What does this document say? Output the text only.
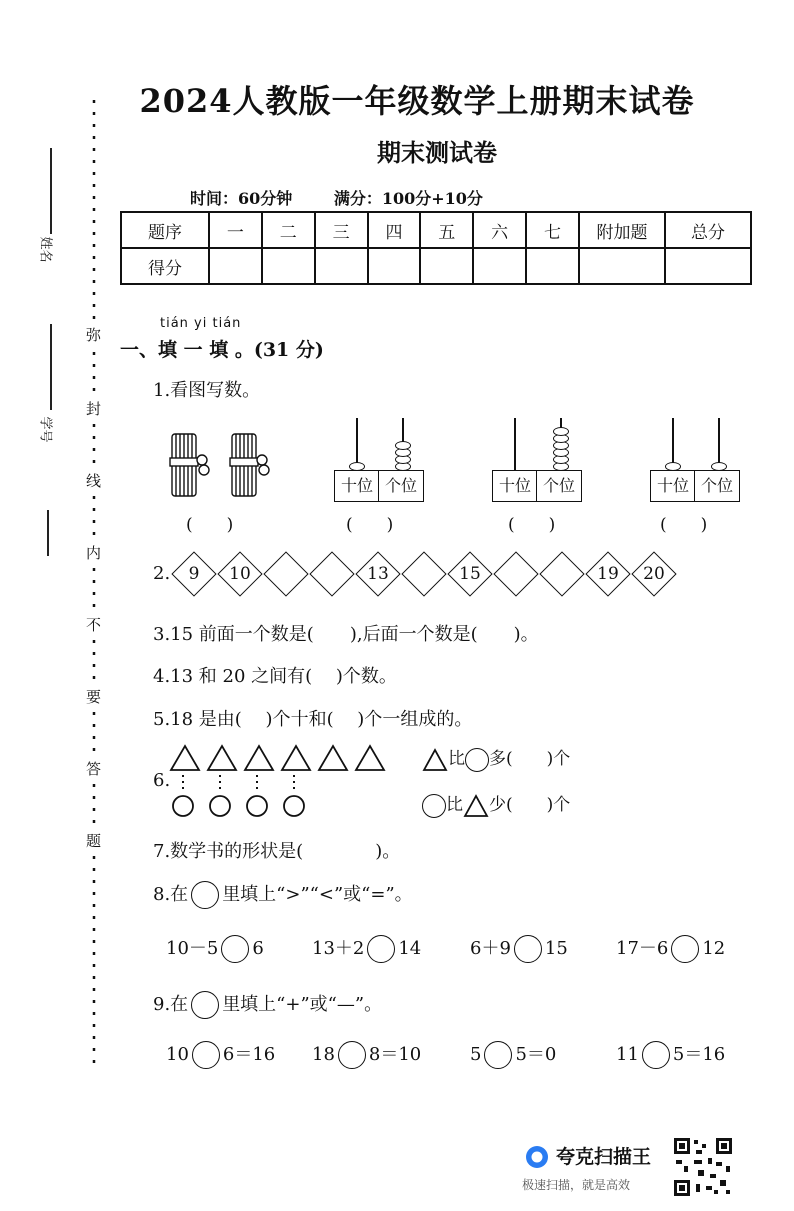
2024人教版一年级数学上册期末试卷
期末测试卷
时间：60分钟	满分：100分+10分
题序	一	二	三	四	五	六	七	附加题	总分
得分									
弥
封
线
内
不
要
答
题
姓名
学号
tián yi tián
一、填 一 填 。(31 分)
1.看图写数。
(　　)
十位 个位
(　　)
十位 个位
(　　)
十位 个位
(　　)
2.	9	10	13	15	19	20
3.15 前面一个数是(　　),后面一个数是(　　)。
4.13 和 20 之间有(　 )个数。
5.18 是由(　 )个十和(　 )个一组成的。
6.
比 多(　　)个
比 少(　　)个
7.数学书的形状是(　　　　)。
8.在 里填上“>”“<”或“=”。
10－5 6	13＋2 14	6＋9 15	17－6 12
9.在 里填上“+”或“—”。
10 6＝16 18 8＝10	5 5＝0	11 5＝16
夸克扫描王
极速扫描，就是高效
